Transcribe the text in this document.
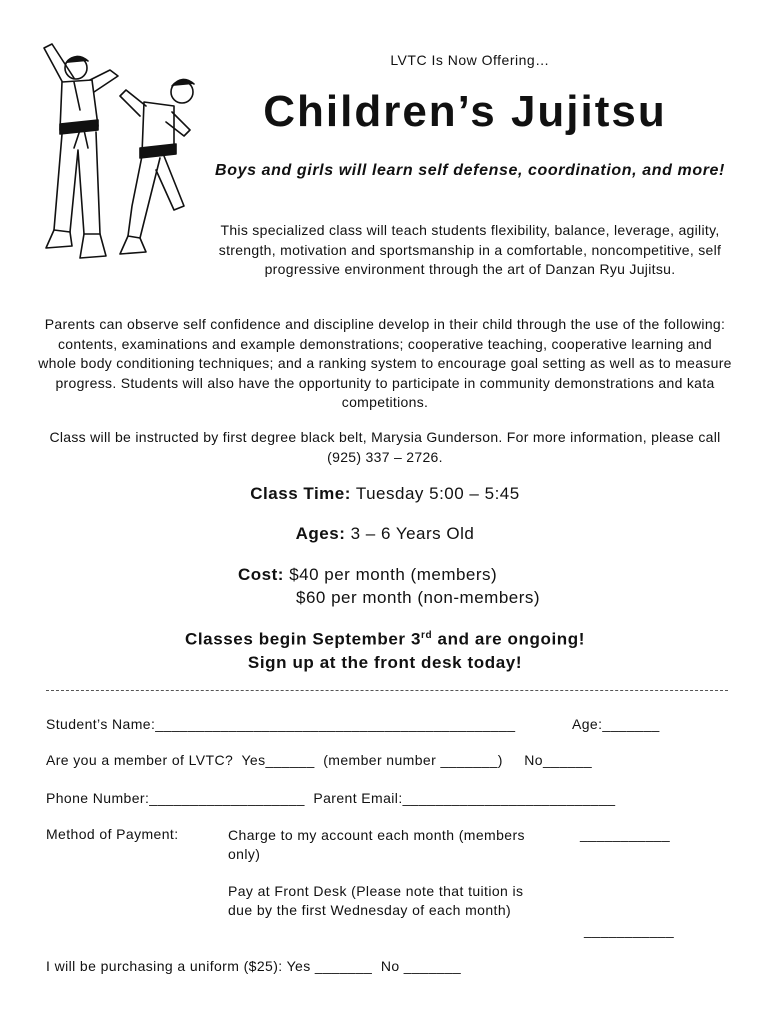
LVTC Is Now Offering…
Children’s Jujitsu
Boys and girls will learn self defense, coordination, and more!
This specialized class will teach students flexibility, balance, leverage, agility, strength, motivation and sportsmanship in a comfortable, noncompetitive, self progressive environment through the art of Danzan Ryu Jujitsu.
Parents can observe self confidence and discipline develop in their child through the use of the following: contents, examinations and example demonstrations; cooperative teaching, cooperative learning and whole body conditioning techniques; and a ranking system to encourage goal setting as well as to measure progress. Students will also have the opportunity to participate in community demonstrations and kata competitions.
Class will be instructed by first degree black belt, Marysia Gunderson. For more information, please call (925) 337 – 2726.
Class Time: Tuesday 5:00 – 5:45
Ages: 3 – 6 Years Old
Cost: $40 per month (members)
$60 per month (non-members)
Classes begin September 3rd and are ongoing!
Sign up at the front desk today!
Student’s Name:____________________________________________	Age:_______
Are you a member of LVTC?  Yes______  (member number _______)     No______
Phone Number:___________________  Parent Email:__________________________
Method of Payment:	Charge to my account each month (members only)
___________
Pay at Front Desk (Please note that tuition is due by the first Wednesday of each month)
___________
I will be purchasing a uniform ($25): Yes _______  No _______
